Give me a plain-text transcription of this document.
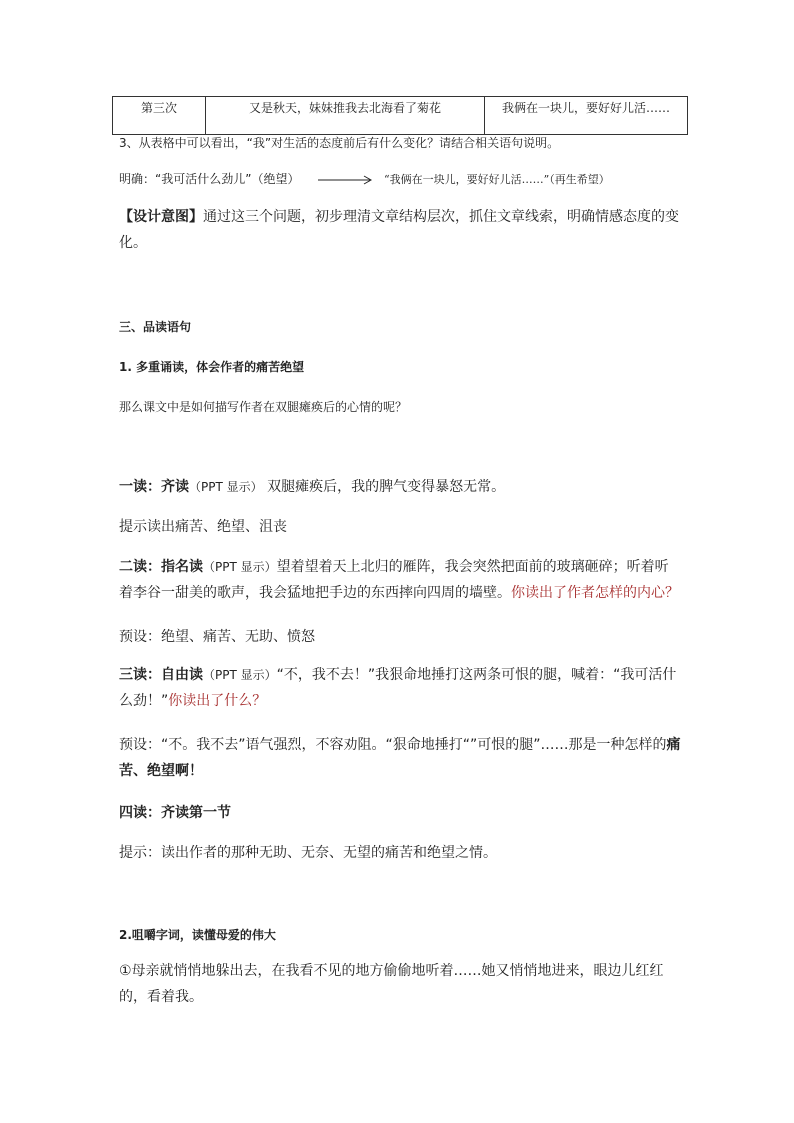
第三次	又是秋天，妹妹推我去北海看了菊花	我俩在一块儿，要好好儿活……
3、从表格中可以看出，“我”对生活的态度前后有什么变化？请结合相关语句说明。
明确：“我可活什么劲儿”（绝望）	“我俩在一块儿，要好好儿活……”（再生希望）
【设计意图】通过这三个问题，初步理清文章结构层次，抓住文章线索，明确情感态度的变化。
三、品读语句
1. 多重诵读，体会作者的痛苦绝望
那么课文中是如何描写作者在双腿瘫痪后的心情的呢？
一读：齐读（PPT 显示） 双腿瘫痪后，我的脾气变得暴怒无常。
提示读出痛苦、绝望、沮丧
二读：指名读（PPT 显示）望着望着天上北归的雁阵，我会突然把面前的玻璃砸碎；听着听着李谷一甜美的歌声，我会猛地把手边的东西摔向四周的墙壁。你读出了作者怎样的内心？
预设：绝望、痛苦、无助、愤怒
三读：自由读（PPT 显示）“不，我不去！”我狠命地捶打这两条可恨的腿，喊着：“我可活什么劲！”你读出了什么？
预设：“不。我不去”语气强烈，不容劝阻。“狠命地捶打“”可恨的腿”……那是一种怎样的痛苦、绝望啊！
四读：齐读第一节
提示：读出作者的那种无助、无奈、无望的痛苦和绝望之情。
2.咀嚼字词，读懂母爱的伟大
①母亲就悄悄地躲出去，在我看不见的地方偷偷地听着……她又悄悄地进来，眼边儿红红的，看着我。
